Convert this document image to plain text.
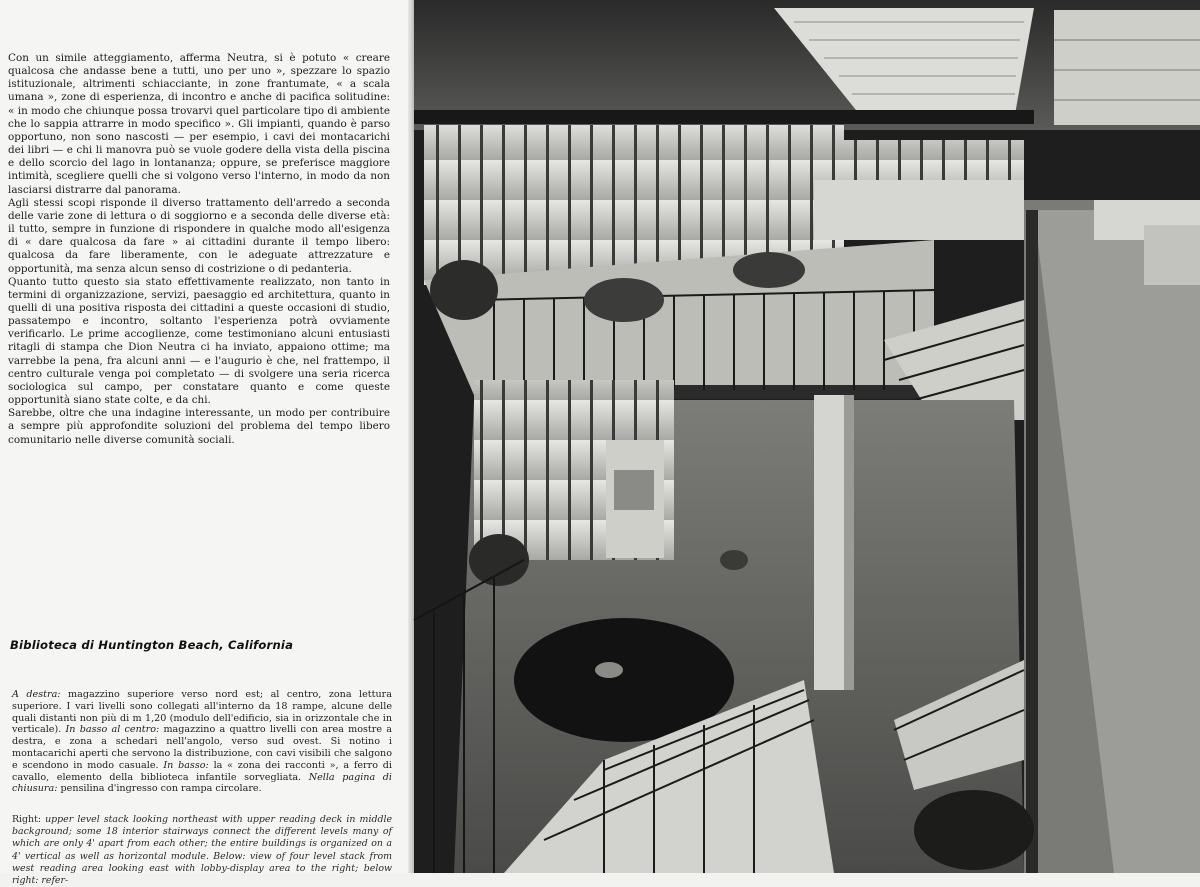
Con un simile atteggiamento, afferma Neutra, si è potuto « creare qualcosa che andasse bene a tutti, uno per uno », spezzare lo spazio istituzionale, altrimenti schiacciante, in zone frantumate, « a scala umana », zone di esperienza, di incontro e anche di pacifica solitudine: « in modo che chiunque possa trovarvi quel particolare tipo di ambiente che lo sappia attrarre in modo specifico ». Gli impianti, quando è parso opportuno, non sono nascosti — per esempio, i cavi dei montacarichi dei libri — e chi li manovra può se vuole godere della vista della piscina e dello scorcio del lago in lontananza; oppure, se preferisce maggiore intimità, scegliere quelli che si volgono verso l'interno, in modo da non lasciarsi distrarre dal panorama.

Agli stessi scopi risponde il diverso trattamento dell'arredo a seconda delle varie zone di lettura o di soggiorno e a seconda delle diverse età: il tutto, sempre in funzione di rispondere in qualche modo all'esigenza di « dare qualcosa da fare » ai cittadini durante il tempo libero: qualcosa da fare liberamente, con le adeguate attrezzature e opportunità, ma senza alcun senso di costrizione o di pedanteria.

Quanto tutto questo sia stato effettivamente realizzato, non tanto in termini di organizzazione, servizi, paesaggio ed architettura, quanto in quelli di una positiva risposta dei cittadini a queste occasioni di studio, passatempo e incontro, soltanto l'esperienza potrà ovviamente verificarlo. Le prime accoglienze, come testimoniano alcuni entusiasti ritagli di stampa che Dion Neutra ci ha inviato, appaiono ottime; ma varrebbe la pena, fra alcuni anni — e l'augurio è che, nel frattempo, il centro culturale venga poi completato — di svolgere una seria ricerca sociologica sul campo, per constatare quanto e come queste opportunità siano state colte, e da chi.

Sarebbe, oltre che una indagine interessante, un modo per contribuire a sempre più approfondite soluzioni del problema del tempo libero comunitario nelle diverse comunità sociali.

Biblioteca di Huntington Beach, California

A destra: magazzino superiore verso nord est; al centro, zona lettura superiore. I vari livelli sono collegati all'interno da 18 rampe, alcune delle quali distanti non più di m 1,20 (modulo dell'edificio, sia in orizzontale che in verticale). In basso al centro: magazzino a quattro livelli con area mostre a destra, e zona a schedari nell'angolo, verso sud ovest. Si notino i montacarichi aperti che servono la distribuzione, con cavi visibili che salgono e scendono in modo casuale. In basso: la « zona dei racconti », a ferro di cavallo, elemento della biblioteca infantile sorvegliata. Nella pagina di chiusura: pensilina d'ingresso con rampa circolare.

Right: upper level stack looking northeast with upper reading deck in middle background; some 18 interior stairways connect the different levels many of which are only 4' apart from each other; the entire buildings is organized on a 4' vertical as well as horizontal module. Below: view of four level stack from west reading area looking east with lobby-display area to the right; below right: refer-
